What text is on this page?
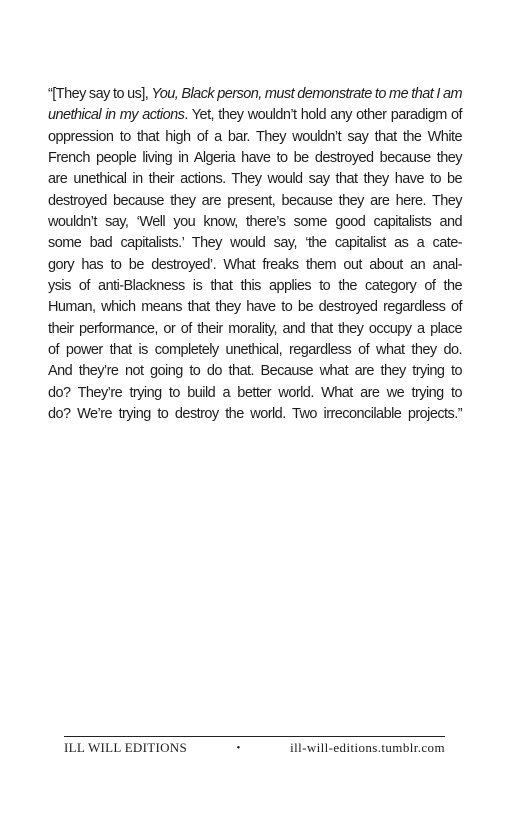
“[They say to us], You, Black person, must demonstrate to me that I am
unethical in my actions. Yet, they wouldn’t hold any other paradigm of
oppression to that high of a bar. They wouldn’t say that the White
French people living in Algeria have to be destroyed because they
are unethical in their actions. They would say that they have to be
destroyed because they are present, because they are here. They
wouldn’t say, ‘Well you know, there’s some good capitalists and
some bad capitalists.’ They would say, ‘the capitalist as a cate-
gory has to be destroyed’. What freaks them out about an anal-
ysis of anti-Blackness is that this applies to the category of the
Human, which means that they have to be destroyed regardless of
their performance, or of their morality, and that they occupy a place
of power that is completely unethical, regardless of what they do.
And they’re not going to do that. Because what are they trying to
do? They’re trying to build a better world. What are we trying to
do? We’re trying to destroy the world. Two irreconcilable projects.”
ILL WILL EDITIONS	•	ill-will-editions.tumblr.com
